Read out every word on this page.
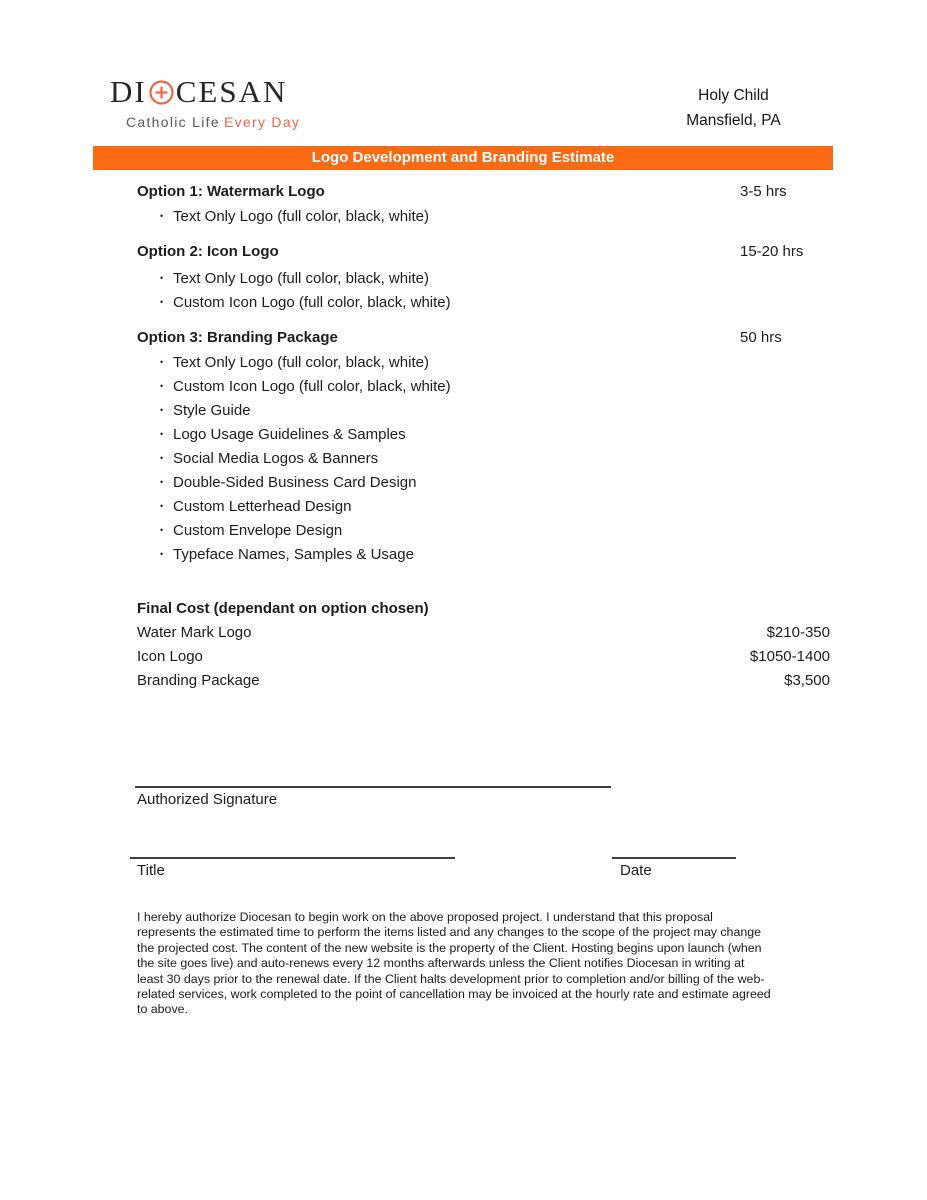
DI CESAN
Catholic Life Every Day
Holy Child
Mansfield, PA
Logo Development and Branding Estimate
Option 1: Watermark Logo	3-5 hrs
• Text Only Logo (full color, black, white)
Option 2: Icon Logo	15-20 hrs
• Text Only Logo (full color, black, white)
• Custom Icon Logo (full color, black, white)
Option 3: Branding Package	50 hrs
• Text Only Logo (full color, black, white)
• Custom Icon Logo (full color, black, white)
• Style Guide
• Logo Usage Guidelines & Samples
• Social Media Logos & Banners
• Double-Sided Business Card Design
• Custom Letterhead Design
• Custom Envelope Design
• Typeface Names, Samples & Usage
Final Cost (dependant on option chosen)
Water Mark Logo	$210-350
Icon Logo	$1050-1400
Branding Package	$3,500
Authorized Signature
Title	Date

I hereby authorize Diocesan to begin work on the above proposed project. I understand that this proposal represents the estimated time to perform the items listed and any changes to the scope of the project may change the projected cost. The content of the new website is the property of the Client. Hosting begins upon launch (when the site goes live) and auto-renews every 12 months afterwards unless the Client notifies Diocesan in writing at least 30 days prior to the renewal date. If the Client halts development prior to completion and/or billing of the web-related services, work completed to the point of cancellation may be invoiced at the hourly rate and estimate agreed to above.
